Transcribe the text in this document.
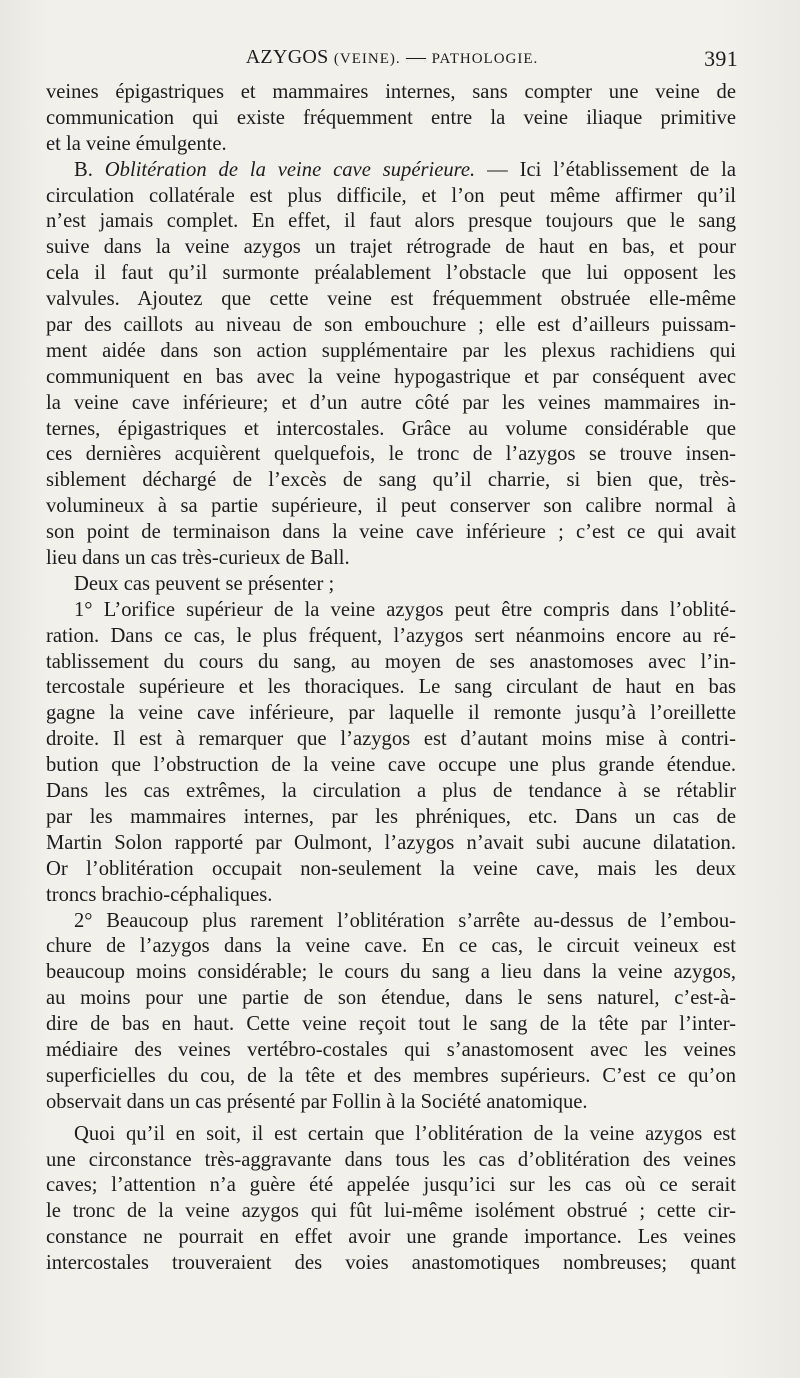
AZYGOS (VEINE). — PATHOLOGIE.	391
veines épigastriques et mammaires internes, sans compter une veine de
communication qui existe fréquemment entre la veine iliaque primitive
et la veine émulgente.
B. Oblitération de la veine cave supérieure. — Ici l’établissement de la
circulation collatérale est plus difficile, et l’on peut même affirmer qu’il
n’est jamais complet. En effet, il faut alors presque toujours que le sang
suive dans la veine azygos un trajet rétrograde de haut en bas, et pour
cela il faut qu’il surmonte préalablement l’obstacle que lui opposent les
valvules. Ajoutez que cette veine est fréquemment obstruée elle-même
par des caillots au niveau de son embouchure ; elle est d’ailleurs puissam-
ment aidée dans son action supplémentaire par les plexus rachidiens qui
communiquent en bas avec la veine hypogastrique et par conséquent avec
la veine cave inférieure; et d’un autre côté par les veines mammaires in-
ternes, épigastriques et intercostales. Grâce au volume considérable que
ces dernières acquièrent quelquefois, le tronc de l’azygos se trouve insen-
siblement déchargé de l’excès de sang qu’il charrie, si bien que, très-
volumineux à sa partie supérieure, il peut conserver son calibre normal à
son point de terminaison dans la veine cave inférieure ; c’est ce qui avait
lieu dans un cas très-curieux de Ball.
Deux cas peuvent se présenter ;
1° L’orifice supérieur de la veine azygos peut être compris dans l’oblité-
ration. Dans ce cas, le plus fréquent, l’azygos sert néanmoins encore au ré-
tablissement du cours du sang, au moyen de ses anastomoses avec l’in-
tercostale supérieure et les thoraciques. Le sang circulant de haut en bas
gagne la veine cave inférieure, par laquelle il remonte jusqu’à l’oreillette
droite. Il est à remarquer que l’azygos est d’autant moins mise à contri-
bution que l’obstruction de la veine cave occupe une plus grande étendue.
Dans les cas extrêmes, la circulation a plus de tendance à se rétablir
par les mammaires internes, par les phréniques, etc. Dans un cas de
Martin Solon rapporté par Oulmont, l’azygos n’avait subi aucune dilatation.
Or l’oblitération occupait non-seulement la veine cave, mais les deux
troncs brachio-céphaliques.
2° Beaucoup plus rarement l’oblitération s’arrête au-dessus de l’embou-
chure de l’azygos dans la veine cave. En ce cas, le circuit veineux est
beaucoup moins considérable; le cours du sang a lieu dans la veine azygos,
au moins pour une partie de son étendue, dans le sens naturel, c’est-à-
dire de bas en haut. Cette veine reçoit tout le sang de la tête par l’inter-
médiaire des veines vertébro-costales qui s’anastomosent avec les veines
superficielles du cou, de la tête et des membres supérieurs. C’est ce qu’on
observait dans un cas présenté par Follin à la Société anatomique.
Quoi qu’il en soit, il est certain que l’oblitération de la veine azygos est
une circonstance très-aggravante dans tous les cas d’oblitération des veines
caves; l’attention n’a guère été appelée jusqu’ici sur les cas où ce serait
le tronc de la veine azygos qui fût lui-même isolément obstrué ; cette cir-
constance ne pourrait en effet avoir une grande importance. Les veines
intercostales trouveraient des voies anastomotiques nombreuses; quant
